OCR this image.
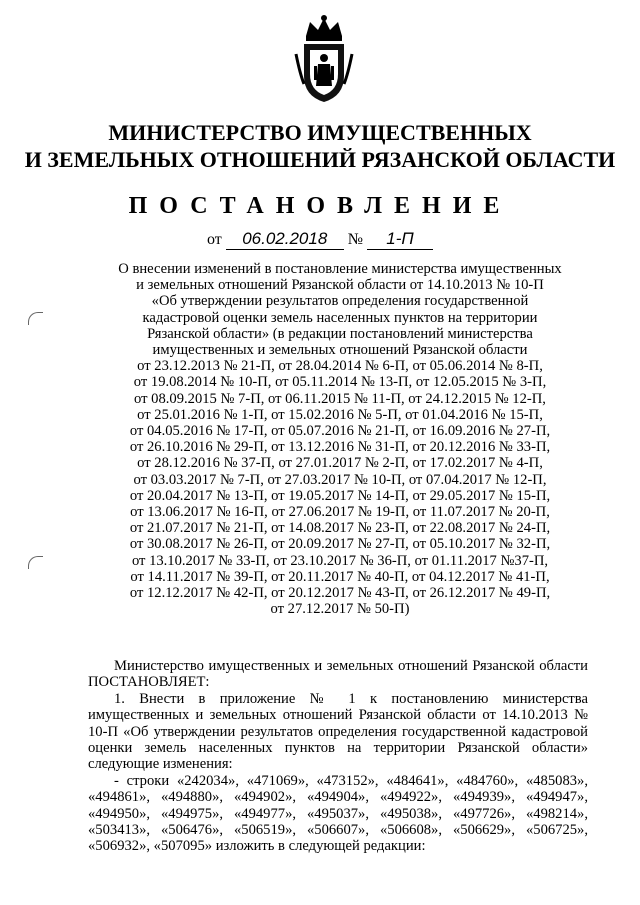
МИНИСТЕРСТВО ИМУЩЕСТВЕННЫХ
И ЗЕМЕЛЬНЫХ ОТНОШЕНИЙ РЯЗАНСКОЙ ОБЛАСТИ
ПОСТАНОВЛЕНИЕ
от 06.02.2018 № 1-П
О внесении изменений в постановление министерства имущественных
и земельных отношений Рязанской области от 14.10.2013 № 10-П
«Об утверждении результатов определения государственной
кадастровой оценки земель населенных пунктов на территории
Рязанской области» (в редакции постановлений министерства
имущественных и земельных отношений Рязанской области
от 23.12.2013 № 21-П, от 28.04.2014 № 6-П, от 05.06.2014 № 8-П,
от 19.08.2014 № 10-П, от 05.11.2014 № 13-П, от 12.05.2015 № 3-П,
от 08.09.2015 № 7-П, от 06.11.2015 № 11-П, от 24.12.2015 № 12-П,
от 25.01.2016 № 1-П, от 15.02.2016 № 5-П, от 01.04.2016 № 15-П,
от 04.05.2016 № 17-П, от 05.07.2016 № 21-П, от 16.09.2016 № 27-П,
от 26.10.2016 № 29-П, от 13.12.2016 № 31-П, от 20.12.2016 № 33-П,
от 28.12.2016 № 37-П, от 27.01.2017 № 2-П, от 17.02.2017 № 4-П,
от 03.03.2017 № 7-П, от 27.03.2017 № 10-П, от 07.04.2017 № 12-П,
от 20.04.2017 № 13-П, от 19.05.2017 № 14-П, от 29.05.2017 № 15-П,
от 13.06.2017 № 16-П, от 27.06.2017 № 19-П, от 11.07.2017 № 20-П,
от 21.07.2017 № 21-П, от 14.08.2017 № 23-П, от 22.08.2017 № 24-П,
от 30.08.2017 № 26-П, от 20.09.2017 № 27-П, от 05.10.2017 № 32-П,
от 13.10.2017 № 33-П, от 23.10.2017 № 36-П, от 01.11.2017 №37-П,
от 14.11.2017 № 39-П, от 20.11.2017 № 40-П, от 04.12.2017 № 41-П,
от 12.12.2017 № 42-П, от 20.12.2017 № 43-П, от 26.12.2017 № 49-П,
от 27.12.2017 № 50-П)
Министерство имущественных и земельных отношений Рязанской области ПОСТАНОВЛЯЕТ:
1. Внести в приложение № 1 к постановлению министерства имущественных и земельных отношений Рязанской области от 14.10.2013 № 10-П «Об утверждении результатов определения государственной кадастровой оценки земель населенных пунктов на территории Рязанской области» следующие изменения:
- строки «242034», «471069», «473152», «484641», «484760», «485083», «494861», «494880», «494902», «494904», «494922», «494939», «494947», «494950», «494975», «494977», «495037», «495038», «497726», «498214», «503413», «506476», «506519», «506607», «506608», «506629», «506725», «506932», «507095» изложить в следующей редакции:
